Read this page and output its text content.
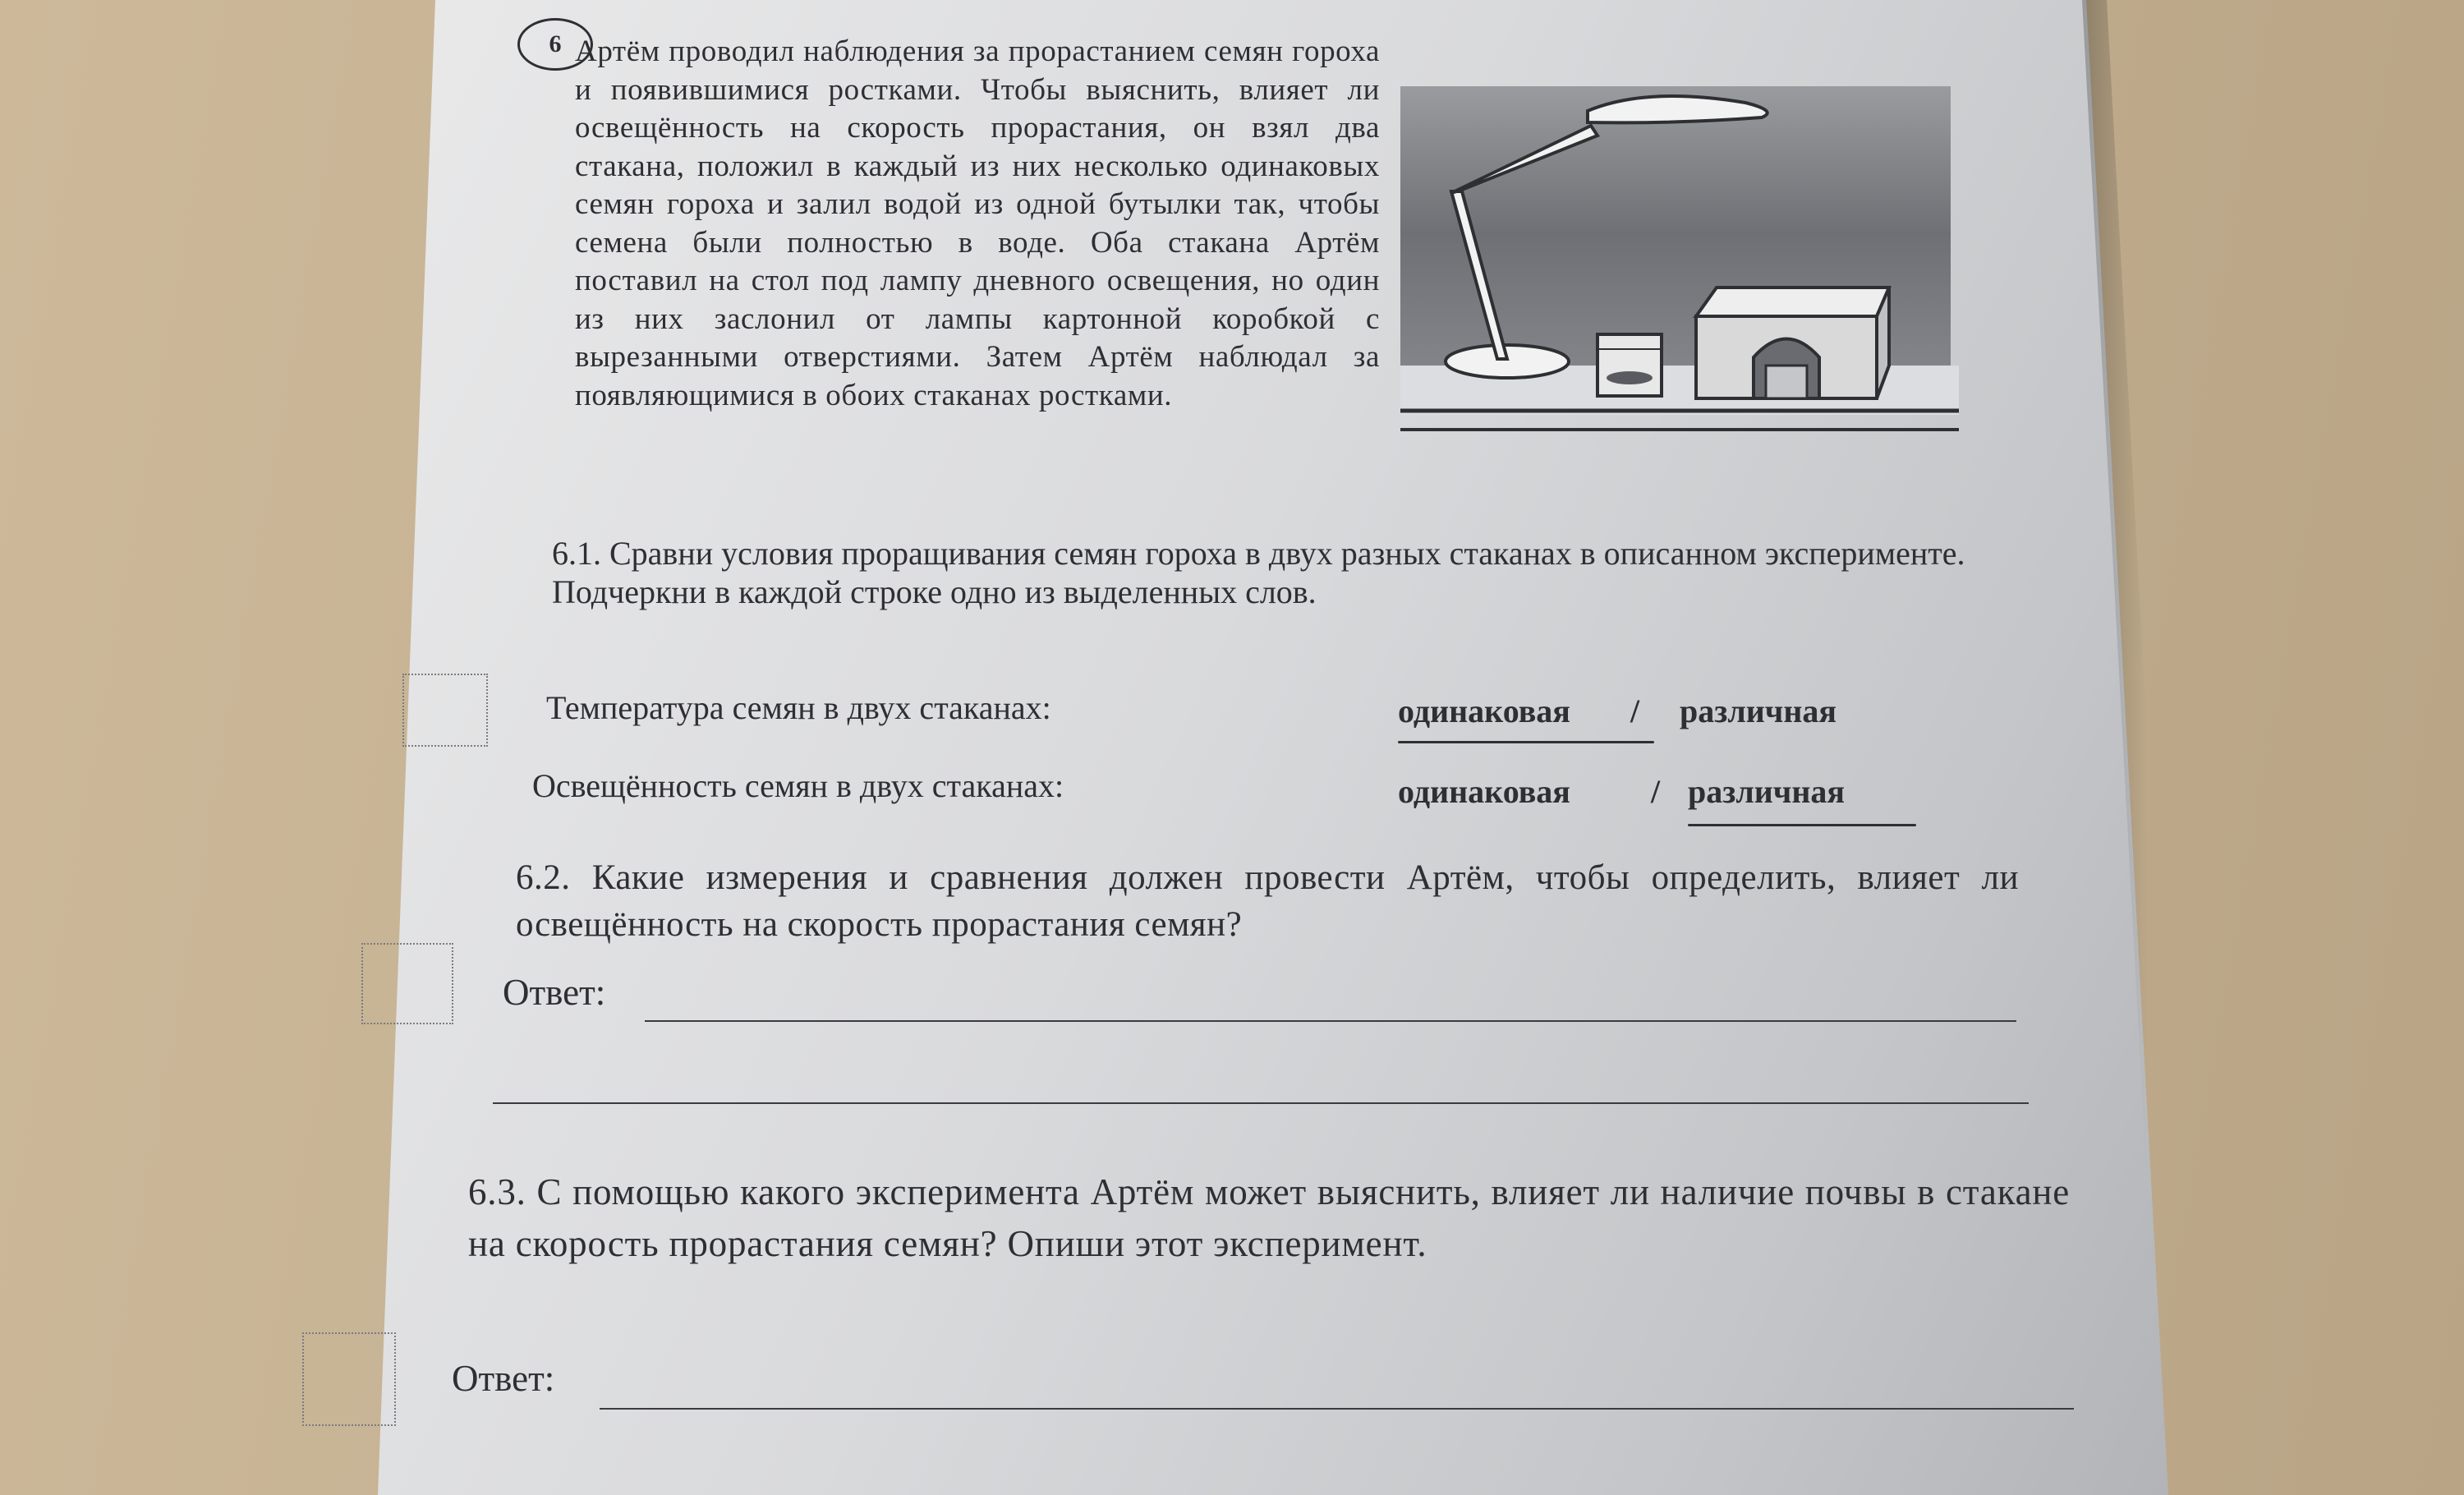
6 Артём проводил наблюдения за прорастанием семян гороха и появившимися ростками. Чтобы выяснить, влияет ли освещённость на скорость прорастания, он взял два стакана, положил в каждый из них несколько одинаковых семян гороха и залил водой из одной бутылки так, чтобы семена были полностью в воде. Оба стакана Артём поставил на стол под лампу дневного освещения, но один из них заслонил от лампы картонной коробкой с вырезанными отверстиями. Затем Артём наблюдал за появляющимися в обоих стаканах ростками.
6.1. Сравни условия проращивания семян гороха в двух разных стаканах в описанном эксперименте. Подчеркни в каждой строке одно из выделенных слов.
Температура семян в двух стаканах:	одинаковая / различная
Освещённость семян в двух стаканах:	одинаковая / различная
6.2. Какие измерения и сравнения должен провести Артём, чтобы определить, влияет ли освещённость на скорость прорастания семян?
Ответ:
6.3. С помощью какого эксперимента Артём может выяснить, влияет ли наличие почвы в стакане на скорость прорастания семян? Опиши этот эксперимент.
Ответ:
